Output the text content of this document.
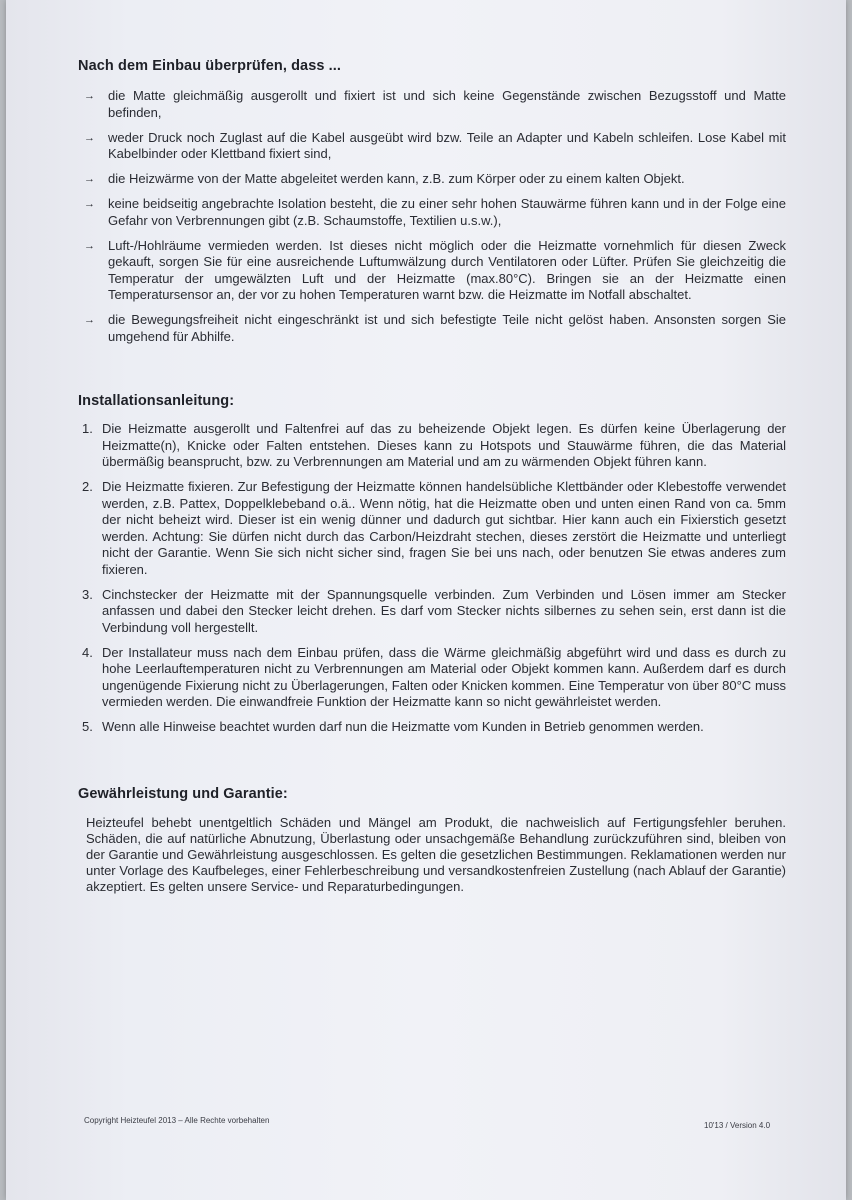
Nach dem Einbau überprüfen, dass ...
→ die Matte gleichmäßig ausgerollt und fixiert ist und sich keine Gegenstände zwischen Bezugsstoff und Matte befinden,
→ weder Druck noch Zuglast auf die Kabel ausgeübt wird bzw. Teile an Adapter und Kabeln schleifen. Lose Kabel mit Kabelbinder oder Klettband fixiert sind,
→ die Heizwärme von der Matte abgeleitet werden kann, z.B. zum Körper oder zu einem kalten Objekt.
→ keine beidseitig angebrachte Isolation besteht, die zu einer sehr hohen Stauwärme führen kann und in der Folge eine Gefahr von Verbrennungen gibt (z.B. Schaumstoffe, Textilien u.s.w.),
→ Luft-/Hohlräume vermieden werden. Ist dieses nicht möglich oder die Heizmatte vornehmlich für diesen Zweck gekauft, sorgen Sie für eine ausreichende Luftumwälzung durch Ventilatoren oder Lüfter. Prüfen Sie gleichzeitig die Temperatur der umgewälzten Luft und der Heizmatte (max.80°C). Bringen sie an der Heizmatte einen Temperatursensor an, der vor zu hohen Temperaturen warnt bzw. die Heizmatte im Notfall abschaltet.
→ die Bewegungsfreiheit nicht eingeschränkt ist und sich befestigte Teile nicht gelöst haben. Ansonsten sorgen Sie umgehend für Abhilfe.
Installationsanleitung:
1. Die Heizmatte ausgerollt und Faltenfrei auf das zu beheizende Objekt legen. Es dürfen keine Überlagerung der Heizmatte(n), Knicke oder Falten entstehen. Dieses kann zu Hotspots und Stauwärme führen, die das Material übermäßig beansprucht, bzw. zu Verbrennungen am Material und am zu wärmenden Objekt führen kann.
2. Die Heizmatte fixieren. Zur Befestigung der Heizmatte können handelsübliche Klettbänder oder Klebestoffe verwendet werden, z.B. Pattex, Doppelklebeband o.ä.. Wenn nötig, hat die Heizmatte oben und unten einen Rand von ca. 5mm der nicht beheizt wird. Dieser ist ein wenig dünner und dadurch gut sichtbar. Hier kann auch ein Fixierstich gesetzt werden. Achtung: Sie dürfen nicht durch das Carbon/Heizdraht stechen, dieses zerstört die Heizmatte und unterliegt nicht der Garantie. Wenn Sie sich nicht sicher sind, fragen Sie bei uns nach, oder benutzen Sie etwas anderes zum fixieren.
3. Cinchstecker der Heizmatte mit der Spannungsquelle verbinden. Zum Verbinden und Lösen immer am Stecker anfassen und dabei den Stecker leicht drehen. Es darf vom Stecker nichts silbernes zu sehen sein, erst dann ist die Verbindung voll hergestellt.
4. Der Installateur muss nach dem Einbau prüfen, dass die Wärme gleichmäßig abgeführt wird und dass es durch zu hohe Leerlauftemperaturen nicht zu Verbrennungen am Material oder Objekt kommen kann. Außerdem darf es durch ungenügende Fixierung nicht zu Überlagerungen, Falten oder Knicken kommen. Eine Temperatur von über 80°C muss vermieden werden. Die einwandfreie Funktion der Heizmatte kann so nicht gewährleistet werden.
5. Wenn alle Hinweise beachtet wurden darf nun die Heizmatte vom Kunden in Betrieb genommen werden.
Gewährleistung und Garantie:

Heizteufel behebt unentgeltlich Schäden und Mängel am Produkt, die nachweislich auf Fertigungsfehler beruhen. Schäden, die auf natürliche Abnutzung, Überlastung oder unsachgemäße Behandlung zurückzuführen sind, bleiben von der Garantie und Gewährleistung ausgeschlossen. Es gelten die gesetzlichen Bestimmungen. Reklamationen werden nur unter Vorlage des Kaufbeleges, einer Fehlerbeschreibung und versandkostenfreien Zustellung (nach Ablauf der Garantie) akzeptiert. Es gelten unsere Service- und Reparaturbedingungen.

Copyright Heizteufel 2013 – Alle Rechte vorbehalten
10'13 / Version 4.0
